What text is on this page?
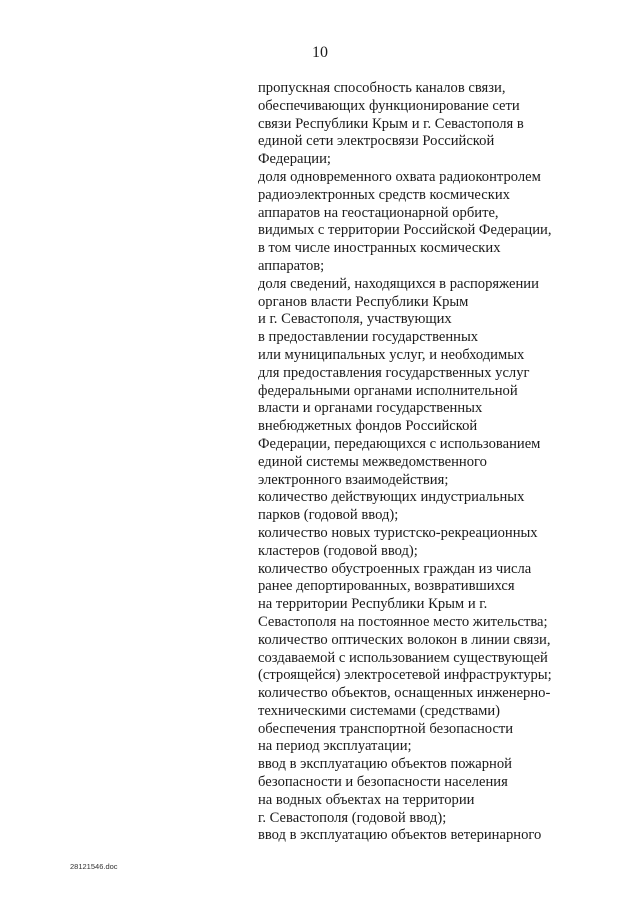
10
пропускная способность каналов связи,
обеспечивающих функционирование сети
связи Республики Крым и г. Севастополя в
единой сети электросвязи Российской
Федерации;
доля одновременного охвата радиоконтролем
радиоэлектронных средств космических
аппаратов на геостационарной орбите,
видимых с территории Российской Федерации,
в том числе иностранных космических
аппаратов;
доля сведений, находящихся в распоряжении
органов власти Республики Крым
и г. Севастополя, участвующих
в предоставлении государственных
или муниципальных услуг, и необходимых
для предоставления государственных услуг
федеральными органами исполнительной
власти и органами государственных
внебюджетных фондов Российской
Федерации, передающихся с использованием
единой системы межведомственного
электронного взаимодействия;
количество действующих индустриальных
парков (годовой ввод);
количество новых туристско-рекреационных
кластеров (годовой ввод);
количество обустроенных граждан из числа
ранее депортированных, возвратившихся
на территории Республики Крым и г.
Севастополя на постоянное место жительства;
количество оптических волокон в линии связи,
создаваемой с использованием существующей
(строящейся) электросетевой инфраструктуры;
количество объектов, оснащенных инженерно-
техническими системами (средствами)
обеспечения транспортной безопасности
на период эксплуатации;
ввод в эксплуатацию объектов пожарной
безопасности и безопасности населения
на водных объектах на территории
г. Севастополя (годовой ввод);
ввод в эксплуатацию объектов ветеринарного
28121546.doc
